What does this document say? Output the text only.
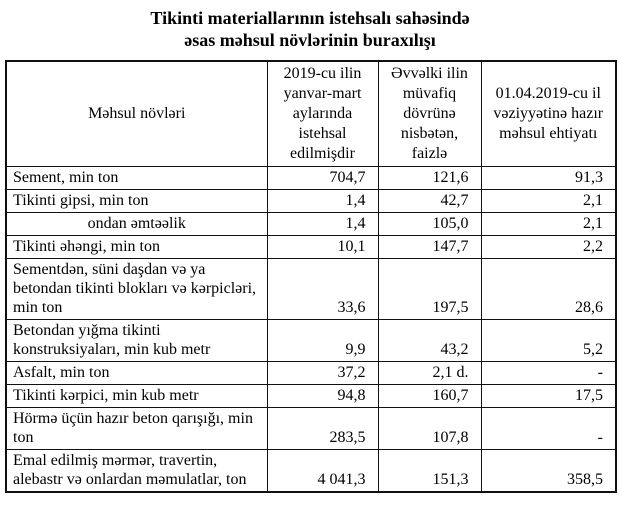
Tikinti materiallarının istehsalı sahəsində
əsas məhsul növlərinin buraxılışı
Məhsul növləri	2019-cu ilin yanvar-mart aylarında istehsal edilmişdir	Əvvəlki ilin müvafiq dövrünə nisbətən, faizlə	01.04.2019-cu il vəziyyətinə hazır məhsul ehtiyatı
Sement, min ton	704,7	121,6	91,3
Tikinti gipsi, min ton	1,4	42,7	2,1
ondan əmtəəlik	1,4	105,0	2,1
Tikinti əhəngi, min ton	10,1	147,7	2,2
Sementdən, süni daşdan və ya betondan tikinti blokları və kərpicləri, min ton	33,6	197,5	28,6
Betondan yığma tikinti konstruksiyaları, min kub metr	9,9	43,2	5,2
Asfalt, min ton	37,2	2,1 d.	-
Tikinti kərpici, min kub metr	94,8	160,7	17,5
Hörmə üçün hazır beton qarışığı, min ton	283,5	107,8	-
Emal edilmiş mərmər, travertin, alebastr və onlardan məmulatlar, ton	4 041,3	151,3	358,5
